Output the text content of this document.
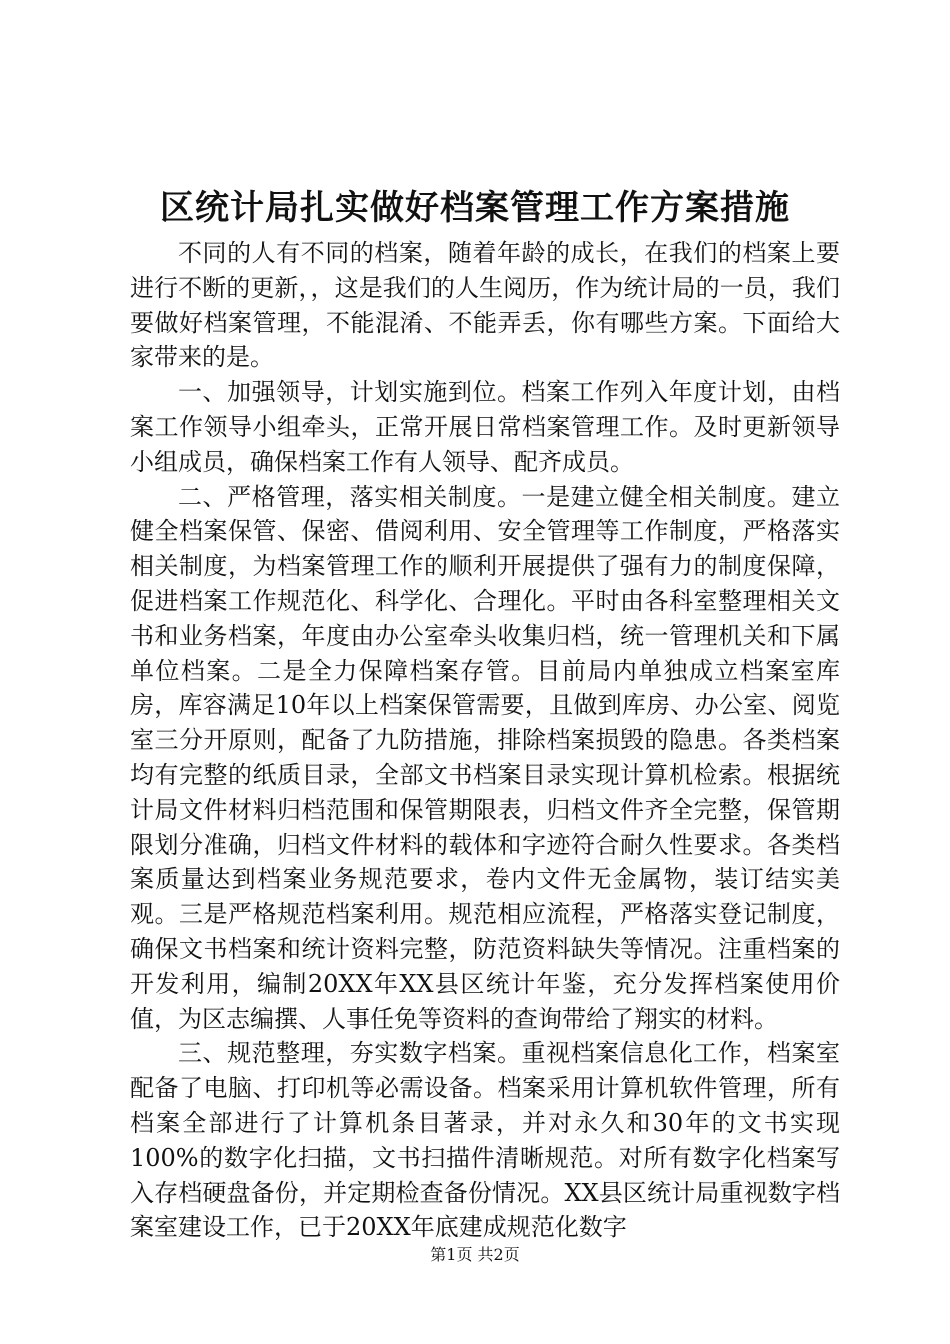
区统计局扎实做好档案管理工作方案措施

不同的人有不同的档案，随着年龄的成长，在我们的档案上要进行不断的更新，，这是我们的人生阅历，作为统计局的一员，我们要做好档案管理，不能混淆、不能弄丢，你有哪些方案。下面给大家带来的是。

一、加强领导，计划实施到位。档案工作列入年度计划，由档案工作领导小组牵头，正常开展日常档案管理工作。及时更新领导小组成员，确保档案工作有人领导、配齐成员。

二、严格管理，落实相关制度。一是建立健全相关制度。建立健全档案保管、保密、借阅利用、安全管理等工作制度，严格落实相关制度，为档案管理工作的顺利开展提供了强有力的制度保障，促进档案工作规范化、科学化、合理化。平时由各科室整理相关文书和业务档案，年度由办公室牵头收集归档，统一管理机关和下属单位档案。二是全力保障档案存管。目前局内单独成立档案室库房，库容满足10年以上档案保管需要，且做到库房、办公室、阅览室三分开原则，配备了九防措施，排除档案损毁的隐患。各类档案均有完整的纸质目录，全部文书档案目录实现计算机检索。根据统计局文件材料归档范围和保管期限表，归档文件齐全完整，保管期限划分准确，归档文件材料的载体和字迹符合耐久性要求。各类档案质量达到档案业务规范要求，卷内文件无金属物，装订结实美观。三是严格规范档案利用。规范相应流程，严格落实登记制度，确保文书档案和统计资料完整，防范资料缺失等情况。注重档案的开发利用，编制20XX年XX县区统计年鉴，充分发挥档案使用价值，为区志编撰、人事任免等资料的查询带给了翔实的材料。

三、规范整理，夯实数字档案。重视档案信息化工作，档案室配备了电脑、打印机等必需设备。档案采用计算机软件管理，所有档案全部进行了计算机条目著录，并对永久和30年的文书实现100%的数字化扫描，文书扫描件清晰规范。对所有数字化档案写入存档硬盘备份，并定期检查备份情况。XX县区统计局重视数字档案室建设工作，已于20XX年底建成规范化数字

第1页 共2页
